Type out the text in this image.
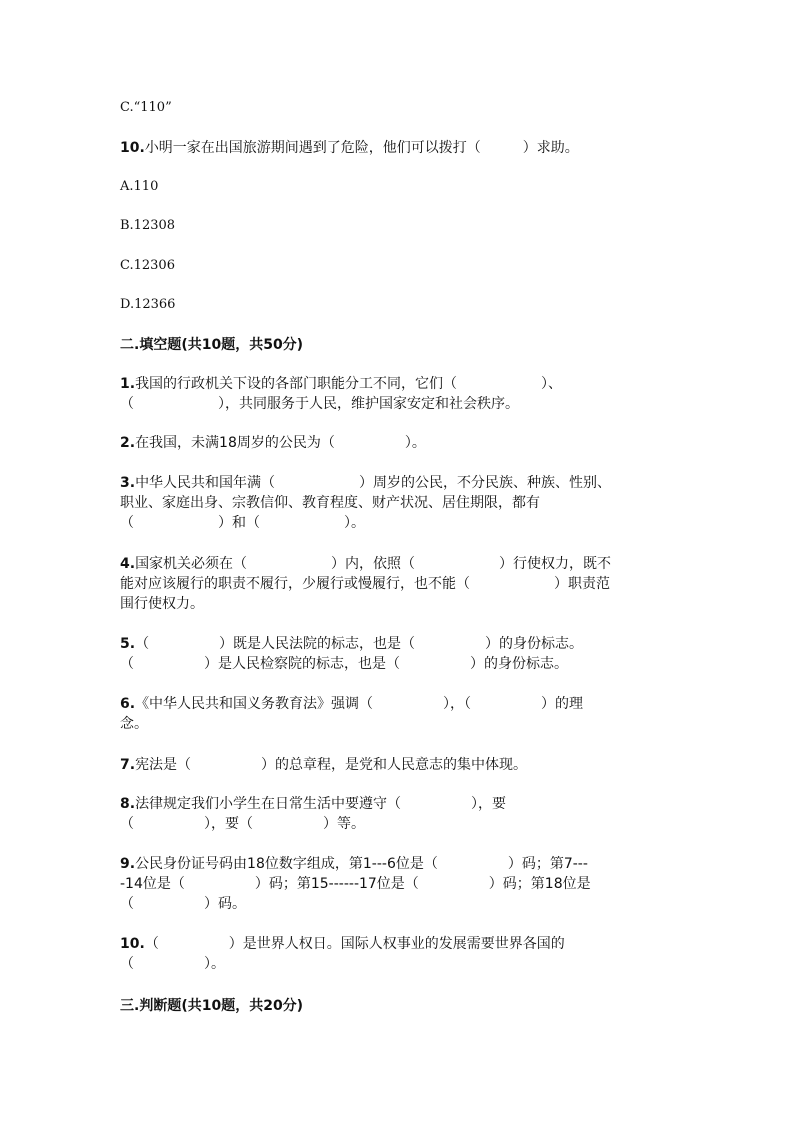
C.“110”
10.小明一家在出国旅游期间遇到了危险，他们可以拨打（　　　）求助。
A.110
B.12308
C.12306
D.12366
二.填空题(共10题，共50分)
1.我国的行政机关下设的各部门职能分工不同，它们（　　　　　　）、
（　　　　　　），共同服务于人民，维护国家安定和社会秩序。
2.在我国，未满18周岁的公民为（　　　　　）。
3.中华人民共和国年满（　　　　　　）周岁的公民，不分民族、种族、性别、
职业、家庭出身、宗教信仰、教育程度、财产状况、居住期限，都有
（　　　　　　）和（　　　　　　）。
4.国家机关必须在（　　　　　　）内，依照（　　　　　　）行使权力，既不
能对应该履行的职责不履行，少履行或慢履行，也不能（　　　　　　）职责范
围行使权力。
5.（　　　　　）既是人民法院的标志，也是（　　　　　）的身份标志。
（　　　　　）是人民检察院的标志，也是（　　　　　）的身份标志。
6.《中华人民共和国义务教育法》强调（　　　　　），（　　　　　）的理
念。
7.宪法是（　　　　　）的总章程，是党和人民意志的集中体现。
8.法律规定我们小学生在日常生活中要遵守（　　　　　），要
（　　　　　），要（　　　　　）等。
9.公民身份证号码由18位数字组成，第1---6位是（　　　　　）码；第7---
-14位是（　　　　　）码；第15------17位是（　　　　　）码；第18位是
（　　　　　）码。
10.（　　　　　）是世界人权日。国际人权事业的发展需要世界各国的
（　　　　　）。
三.判断题(共10题，共20分)
